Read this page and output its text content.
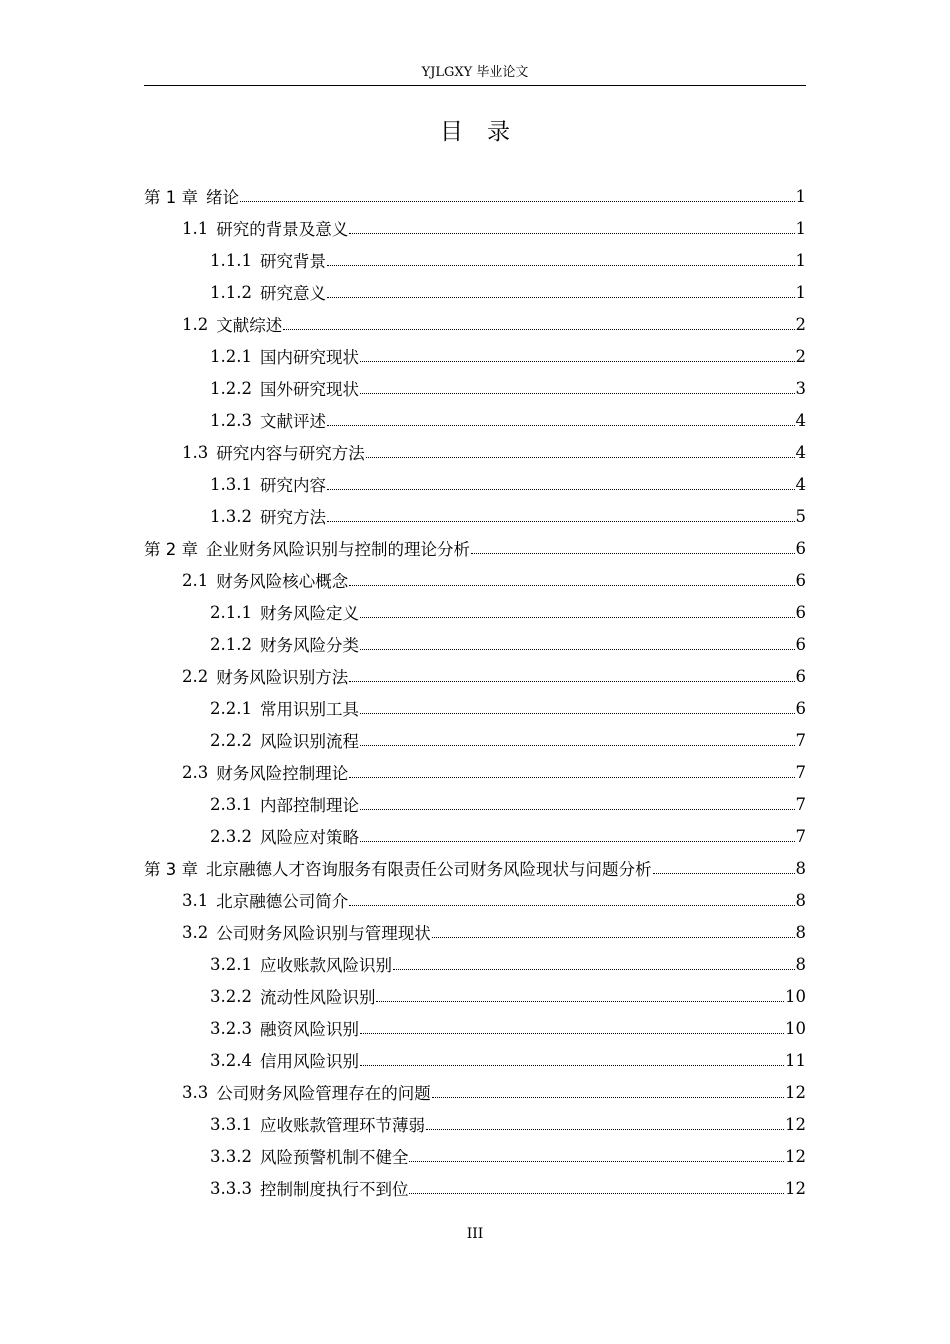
YJLGXY 毕业论文
目录
第 1 章 绪论	1
1.1 研究的背景及意义	1
1.1.1 研究背景	1
1.1.2 研究意义	1
1.2 文献综述	2
1.2.1 国内研究现状	2
1.2.2 国外研究现状	3
1.2.3 文献评述	4
1.3 研究内容与研究方法	4
1.3.1 研究内容	4
1.3.2 研究方法	5
第 2 章 企业财务风险识别与控制的理论分析	6
2.1 财务风险核心概念	6
2.1.1 财务风险定义	6
2.1.2 财务风险分类	6
2.2 财务风险识别方法	6
2.2.1 常用识别工具	6
2.2.2 风险识别流程	7
2.3 财务风险控制理论	7
2.3.1 内部控制理论	7
2.3.2 风险应对策略	7
第 3 章 北京融德人才咨询服务有限责任公司财务风险现状与问题分析	8
3.1 北京融德公司简介	8
3.2 公司财务风险识别与管理现状	8
3.2.1 应收账款风险识别	8
3.2.2 流动性风险识别	10
3.2.3 融资风险识别	10
3.2.4 信用风险识别	11
3.3 公司财务风险管理存在的问题	12
3.3.1 应收账款管理环节薄弱	12
3.3.2 风险预警机制不健全	12
3.3.3 控制制度执行不到位	12
III
